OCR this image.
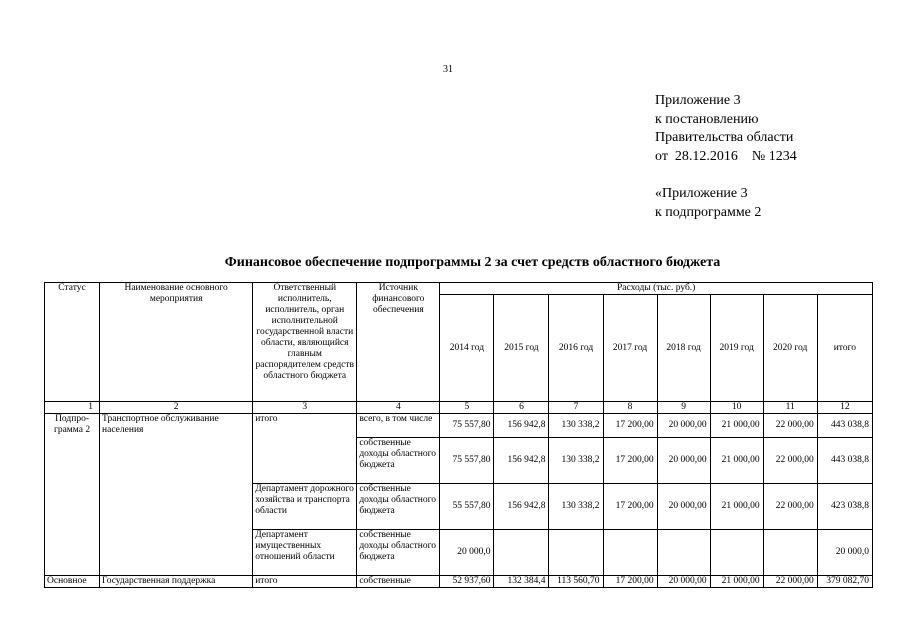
31
Приложение 3
к постановлению
Правительства области
от  28.12.2016    № 1234
«Приложение 3
к подпрограмме 2
Финансовое обеспечение подпрограммы 2 за счет средств областного бюджета
Статус	Наименование основного мероприятия	Ответственный исполнитель, исполнитель, орган исполнительной государственной власти области, являющийся главным распорядителем средств областного бюджета	Источник финансового обеспечения	Расходы (тыс. руб.)							
				2014 год	2015 год	2016 год	2017 год	2018 год	2019 год	2020 год	итого
1	2	3	4	5	6	7	8	9	10	11	12
Подпро-грамма 2	Транспортное обслуживание населения	итого	всего, в том числе	75 557,80	156 942,8	130 338,2	17 200,00	20 000,00	21 000,00	22 000,00	443 038,8
			собственные доходы областного бюджета	75 557,80	156 942,8	130 338,2	17 200,00	20 000,00	21 000,00	22 000,00	443 038,8
		Департамент дорожного хозяйства и транспорта области	собственные доходы областного бюджета	55 557,80	156 942,8	130 338,2	17 200,00	20 000,00	21 000,00	22 000,00	423 038,8
		Департамент имущественных отношений области	собственные доходы областного бюджета	20 000,0							20 000,0
Основное	Государственная поддержка	итого	собственные	52 937,60	132 384,4	113 560,70	17 200,00	20 000,00	21 000,00	22 000,00	379 082,70
